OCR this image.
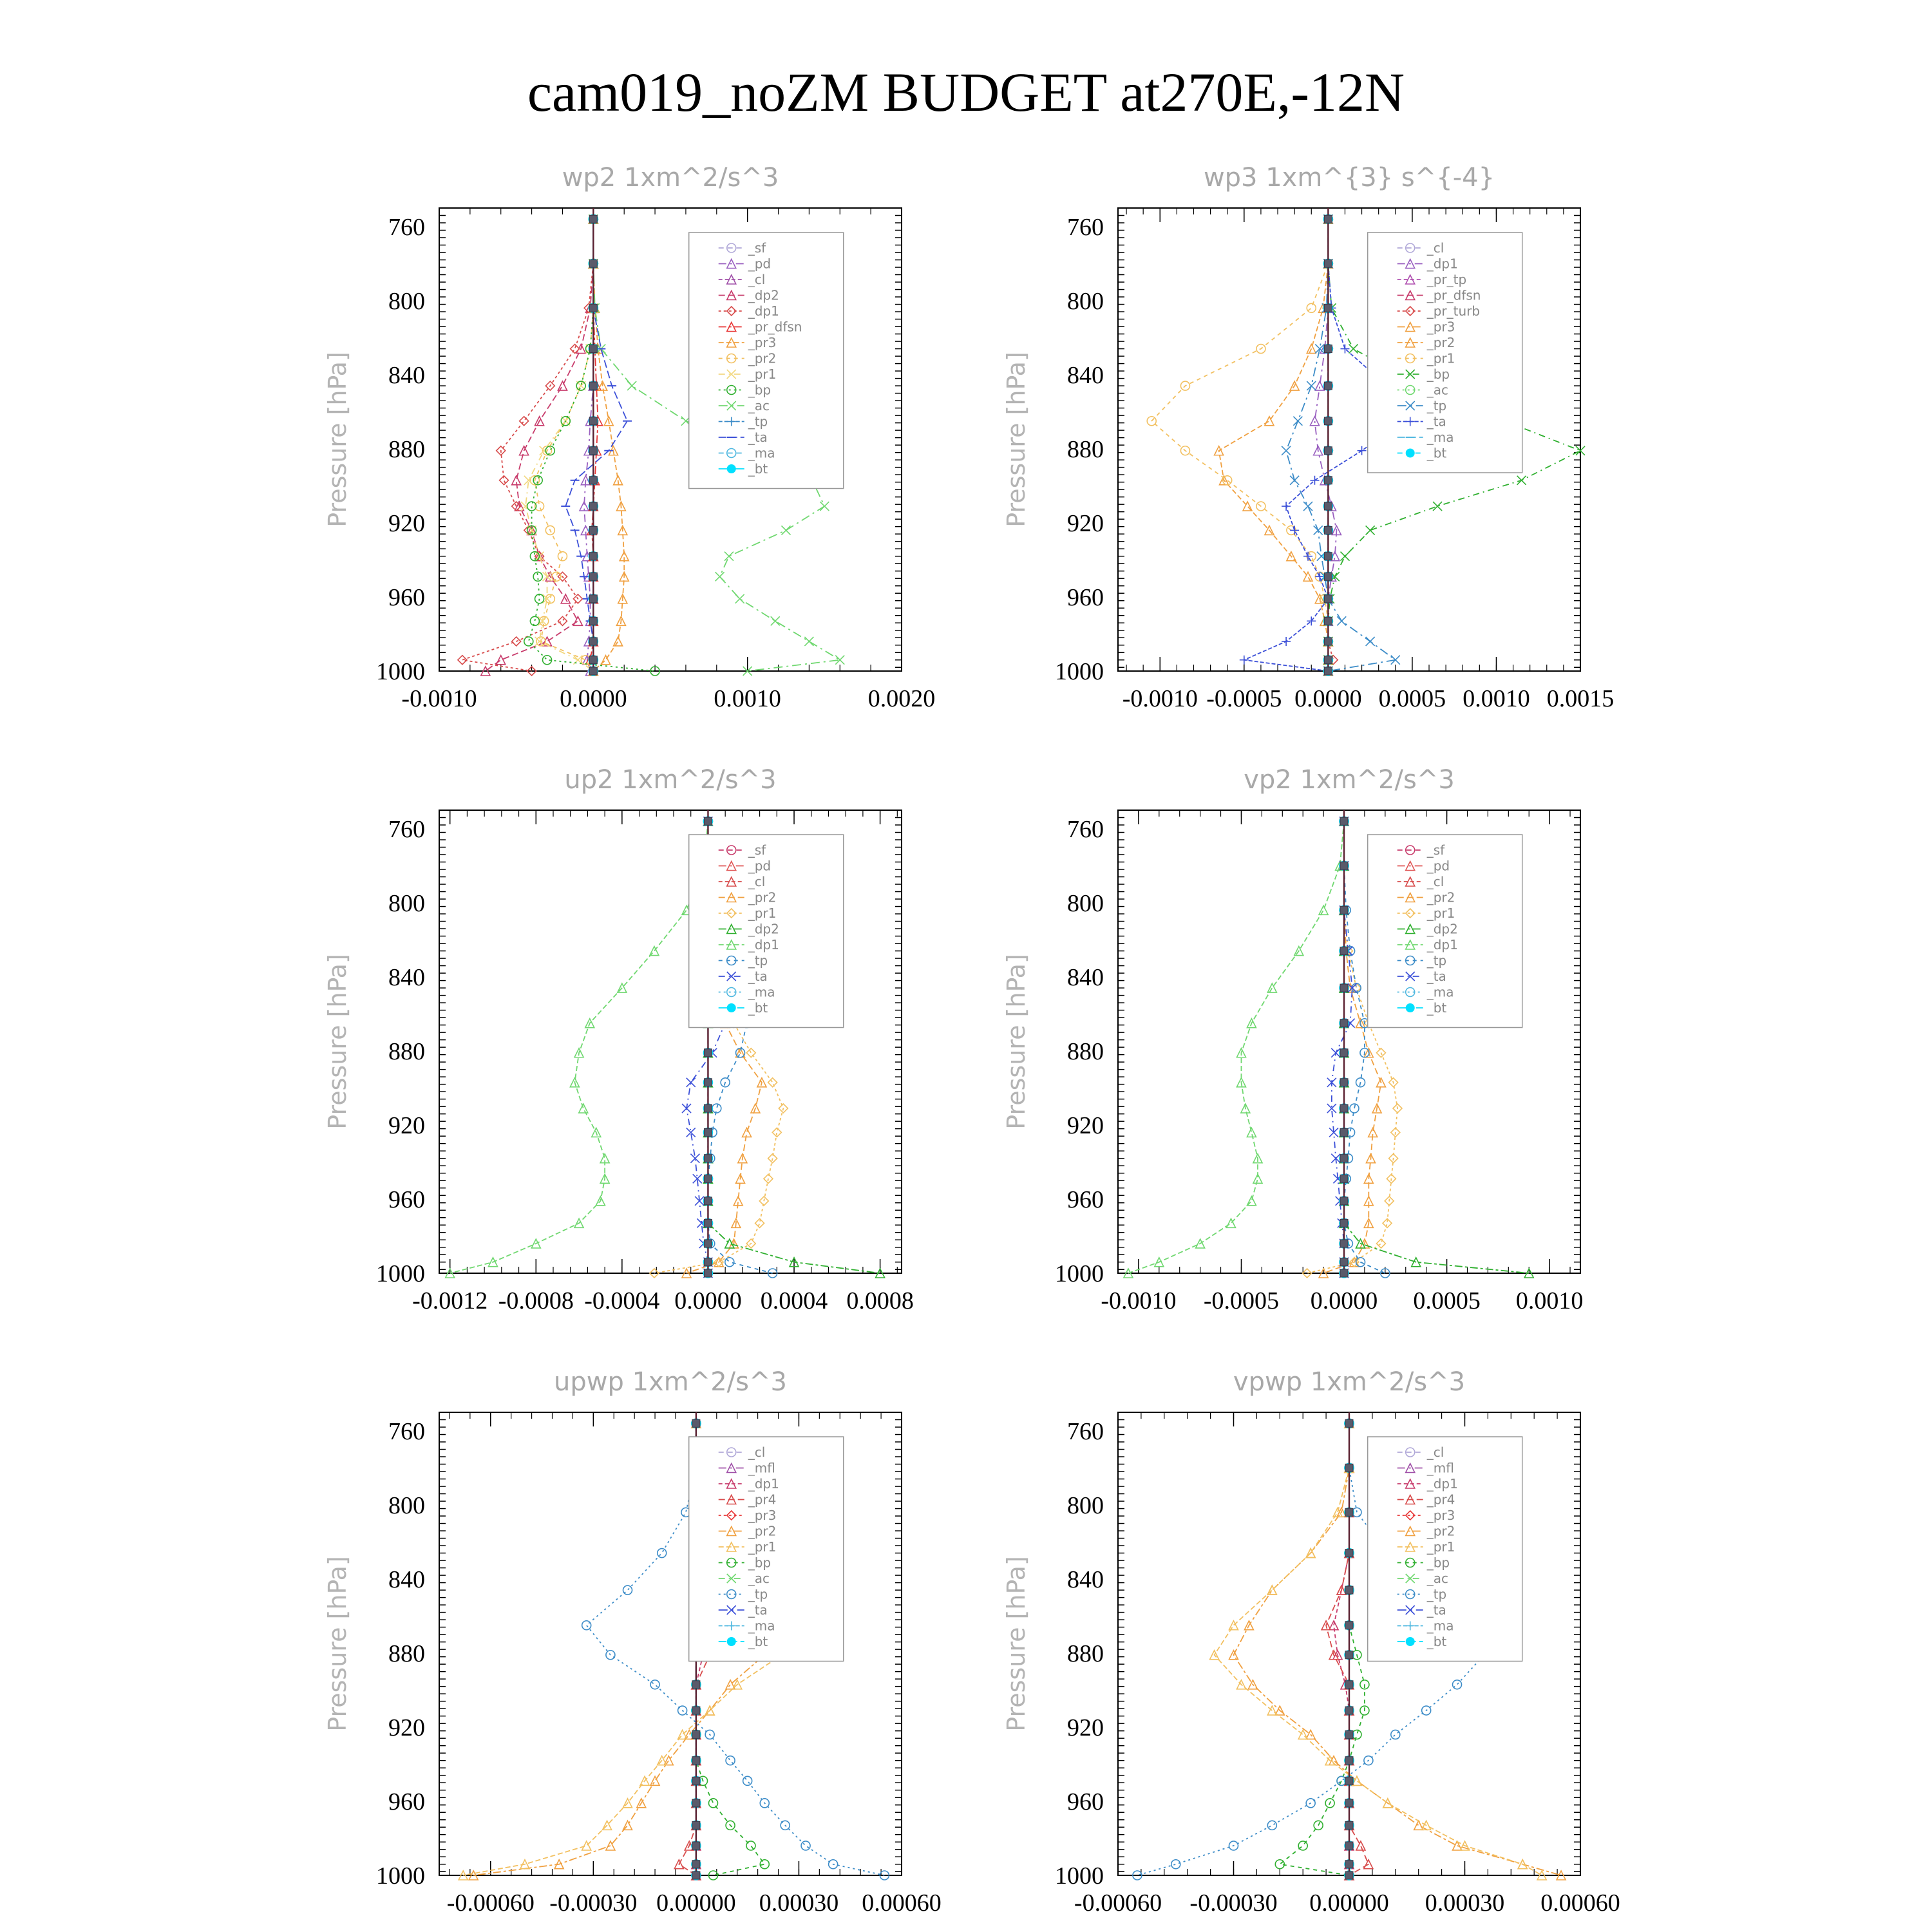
cam019_noZM BUDGET at270E,-12N
wp2 1xm^2/s^3
760
800
840
880
920
960
1000
-0.0010	0.0000	0.0010	0.0020
Pressure [hPa]
_sf
_pd
_cl
_dp2
_dp1
_pr_dfsn
_pr3
_pr2
_pr1
_bp
_ac
_tp
_ta
_ma
_bt
wp3 1xm^{3} s^{-4}
760
800
840
880
920
960
1000
-0.0010 -0.0005 0.0000 0.0005 0.0010 0.0015
Pressure [hPa]
_cl
_dp1
_pr_tp
_pr_dfsn
_pr_turb
_pr3
_pr2
_pr1
_bp
_ac
_tp
_ta
_ma
_bt
up2 1xm^2/s^3
760
800
840
880
920
960
1000
-0.0012 -0.0008 -0.0004 0.0000 0.0004 0.0008
Pressure [hPa]
_sf
_pd
_cl
_pr2
_pr1
_dp2
_dp1
_tp
_ta
_ma
_bt
vp2 1xm^2/s^3
760
800
840
880
920
960
1000
-0.0010 -0.0005 0.0000 0.0005 0.0010
Pressure [hPa]
_sf
_pd
_cl
_pr2
_pr1
_dp2
_dp1
_tp
_ta
_ma
_bt
upwp 1xm^2/s^3
760
800
840
880
920
960
1000
-0.00060 -0.00030 0.00000 0.00030 0.00060
Pressure [hPa]
_cl
_mfl
_dp1
_pr4
_pr3
_pr2
_pr1
_bp
_ac
_tp
_ta
_ma
_bt
vpwp 1xm^2/s^3
760
800
840
880
920
960
1000
-0.00060 -0.00030 0.00000 0.00030 0.00060
Pressure [hPa]
_cl
_mfl
_dp1
_pr4
_pr3
_pr2
_pr1
_bp
_ac
_tp
_ta
_ma
_bt
